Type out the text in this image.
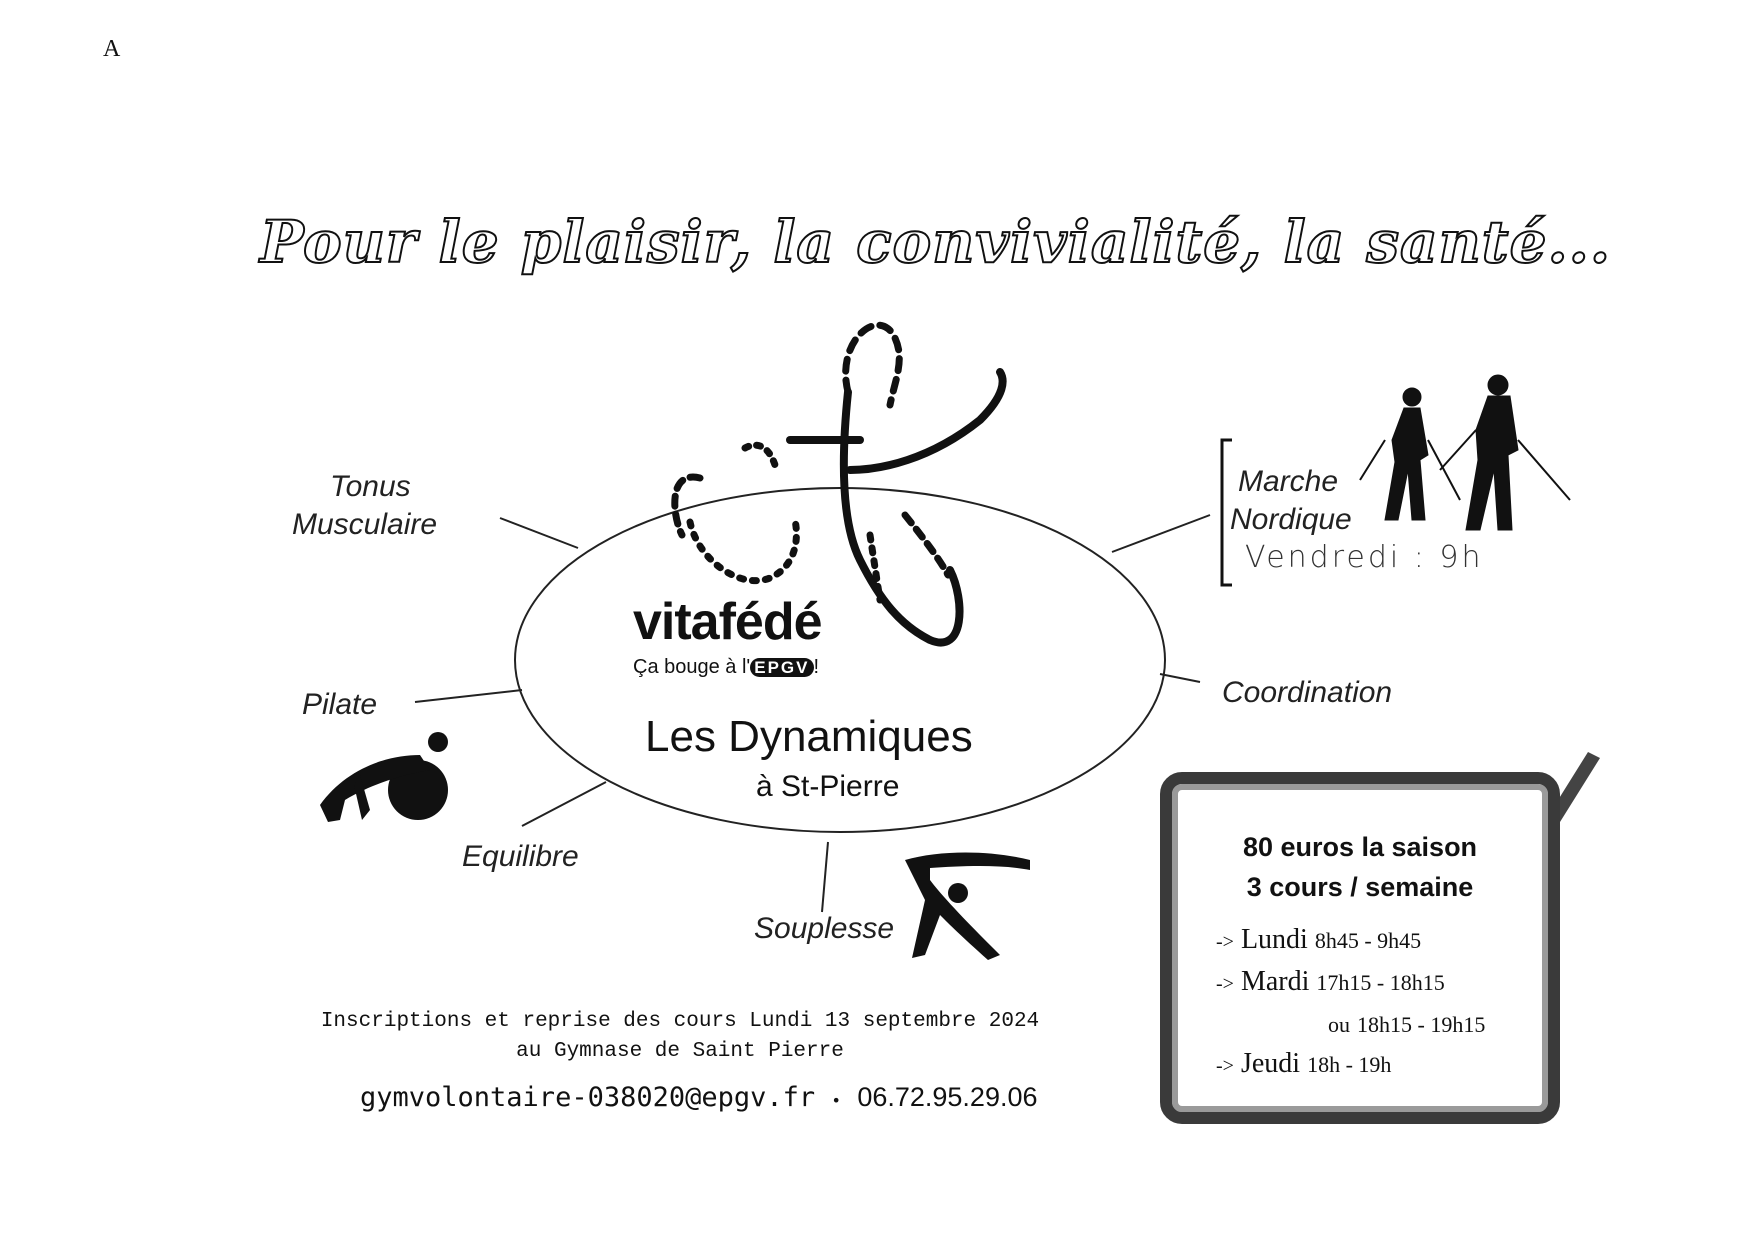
A
Pour le plaisir, la convivialité, la santé...
Tonus
Musculaire
Marche
Nordique
Vendredi : 9h
Pilate	Coordination
Equilibre
Souplesse
vitafédé
Ça bouge à l' EPGV !
Les Dynamiques
à St-Pierre
Inscriptions et reprise des cours Lundi 13 septembre 2024
au Gymnase de Saint Pierre
gymvolontaire-038020@epgv.fr • 06.72.95.29.06
80 euros la saison
3 cours / semaine
-> Lundi 8h45 - 9h45
-> Mardi 17h15 - 18h15
ou 18h15 - 19h15
-> Jeudi 18h - 19h
